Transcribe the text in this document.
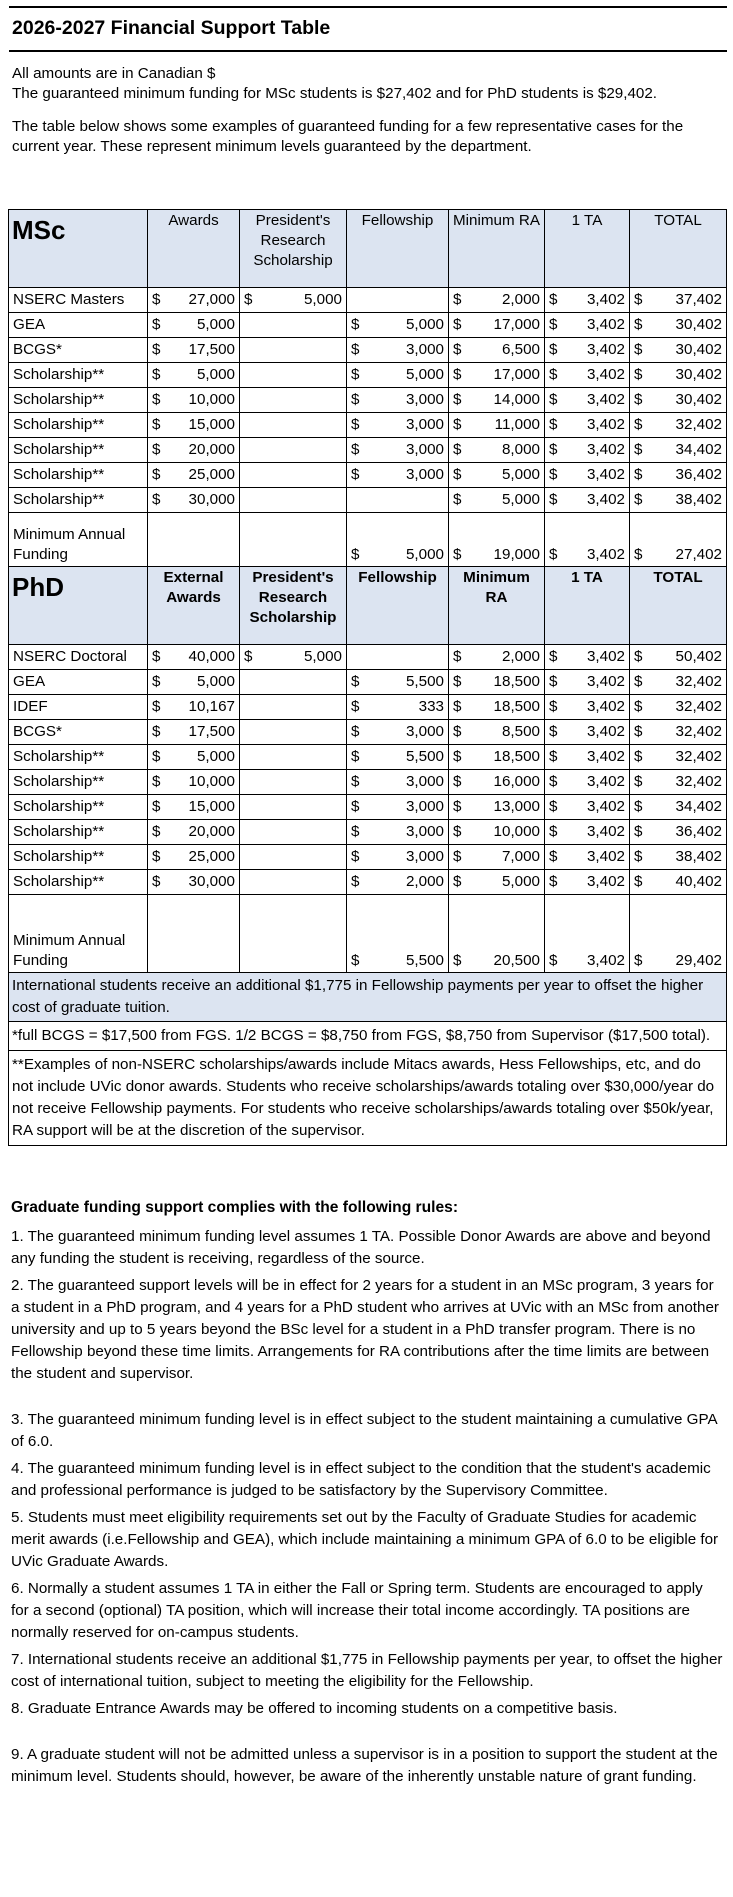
2026-2027 Financial Support Table

All amounts are in Canadian $

The guaranteed minimum funding for MSc students is $27,402 and for PhD students is $29,402.

The table below shows some examples of guaranteed funding for a few representative cases for the current year. These represent minimum levels guaranteed by the department.

MSc	Awards	President's Research Scholarship	Fellowship	Minimum RA	1 TA	TOTAL
NSERC Masters	$ 27,000	$ 5,000		$ 2,000	$ 3,402	$ 37,402

GEA	$ 5,000		$ 5,000	$ 17,000	$ 3,402	$ 30,402

BCGS*	$ 17,500		$ 3,000	$ 6,500	$ 3,402	$ 30,402

Scholarship**	$ 5,000		$ 5,000	$ 17,000	$ 3,402	$ 30,402

Scholarship**	$ 10,000		$ 3,000	$ 14,000	$ 3,402	$ 30,402

Scholarship**	$ 15,000		$ 3,000	$ 11,000	$ 3,402	$ 32,402

Scholarship**	$ 20,000		$ 3,000	$ 8,000	$ 3,402	$ 34,402

Scholarship**	$ 25,000		$ 3,000	$ 5,000	$ 3,402	$ 36,402

Scholarship**	$ 30,000			$ 5,000	$ 3,402	$ 38,402

Minimum Annual Funding			$ 5,000	$ 19,000	$ 3,402	$ 27,402

PhD	External Awards	President's Research Scholarship	Fellowship	Minimum RA	1 TA	TOTAL
NSERC Doctoral	$ 40,000	$ 5,000		$ 2,000	$ 3,402	$ 50,402

GEA	$ 5,000		$ 5,500	$ 18,500	$ 3,402	$ 32,402

IDEF	$ 10,167		$ 333	$ 18,500	$ 3,402	$ 32,402

BCGS*	$ 17,500		$ 3,000	$ 8,500	$ 3,402	$ 32,402

Scholarship**	$ 5,000		$ 5,500	$ 18,500	$ 3,402	$ 32,402

Scholarship**	$ 10,000		$ 3,000	$ 16,000	$ 3,402	$ 32,402

Scholarship**	$ 15,000		$ 3,000	$ 13,000	$ 3,402	$ 34,402

Scholarship**	$ 20,000		$ 3,000	$ 10,000	$ 3,402	$ 36,402

Scholarship**	$ 25,000		$ 3,000	$ 7,000	$ 3,402	$ 38,402

Scholarship**	$ 30,000		$ 2,000	$ 5,000	$ 3,402	$ 40,402

Minimum Annual Funding			$ 5,500	$ 20,500	$ 3,402	$ 29,402

International students receive an additional $1,775 in Fellowship payments per year to offset the higher cost of graduate tuition.						
*full BCGS = $17,500 from FGS. 1/2 BCGS = $8,750 from FGS, $8,750 from Supervisor ($17,500 total).						
**Examples of non-NSERC scholarships/awards include Mitacs awards, Hess Fellowships, etc, and do not include UVic donor awards. Students who receive scholarships/awards totaling over $30,000/year do not receive Fellowship payments. For students who receive scholarships/awards totaling over $50k/year, RA support will be at the discretion of the supervisor.						
Graduate funding support complies with the following rules:

1. The guaranteed minimum funding level assumes 1 TA. Possible Donor Awards are above and beyond any funding the student is receiving, regardless of the source.

2. The guaranteed support levels will be in effect for 2 years for a student in an MSc program, 3 years for a student in a PhD program, and 4 years for a PhD student who arrives at UVic with an MSc from another university and up to 5 years beyond the BSc level for a student in a PhD transfer program. There is no Fellowship beyond these time limits. Arrangements for RA contributions after the time limits are between the student and supervisor.

3. The guaranteed minimum funding level is in effect subject to the student maintaining a cumulative GPA of 6.0.

4. The guaranteed minimum funding level is in effect subject to the condition that the student's academic and professional performance is judged to be satisfactory by the Supervisory Committee.

5. Students must meet eligibility requirements set out by the Faculty of Graduate Studies for academic merit awards (i.e.Fellowship and GEA), which include maintaining a minimum GPA of 6.0 to be eligible for UVic Graduate Awards.

6. Normally a student assumes 1 TA in either the Fall or Spring term. Students are encouraged to apply for a second (optional) TA position, which will increase their total income accordingly. TA positions are normally reserved for on-campus students.

7. International students receive an additional $1,775 in Fellowship payments per year, to offset the higher cost of international tuition, subject to meeting the eligibility for the Fellowship.

8. Graduate Entrance Awards may be offered to incoming students on a competitive basis.

9. A graduate student will not be admitted unless a supervisor is in a position to support the student at the minimum level. Students should, however, be aware of the inherently unstable nature of grant funding.
